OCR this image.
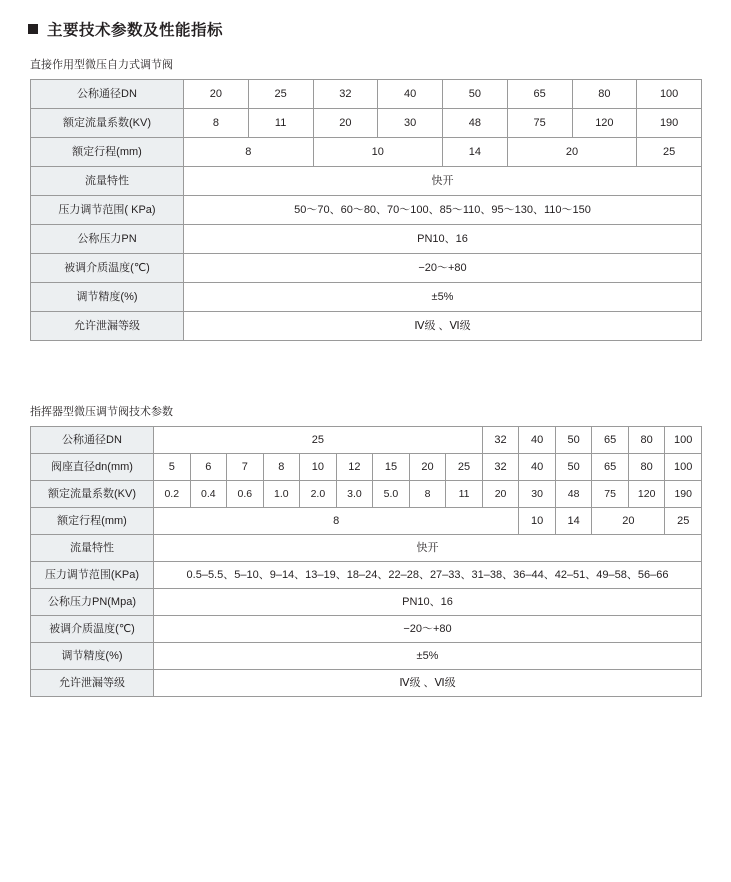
主要技术参数及性能指标
直接作用型微压自力式调节阀
公称通径DN	20	25	32	40	50	65	80	100
额定流量系数(KV)	8	11	20	30	48	75	120	190
额定行程(mm)	8		10		14	20		25
流量特性	快开							
压力调节范围( KPa)	50～70、60～80、70～100、85～110、95～130、110～150							
公称压力PN	PN10、16							
被调介质温度(℃)	−20～+80							
调节精度(%)	±5%							
允许泄漏等级	Ⅳ级 、Ⅵ级							
指挥器型微压调节阀技术参数
公称通径DN	25									32	40	50	65	80	100
阀座直径dn(mm)	5	6	7	8	10	12	15	20	25	32	40	50	65	80	100
额定流量系数(KV)	0.2	0.4	0.6	1.0	2.0	3.0	5.0	8	11	20	30	48	75	120	190
额定行程(mm)	8										10	14	20		25
流量特性	快开														
压力调节范围(KPa)	0.5–5.5、5–10、9–14、13–19、18–24、22–28、27–33、31–38、36–44、42–51、49–58、56–66														
公称压力PN(Mpa)	PN10、16														
被调介质温度(℃)	−20～+80														
调节精度(%)	±5%														
允许泄漏等级	Ⅳ级 、Ⅵ级														
